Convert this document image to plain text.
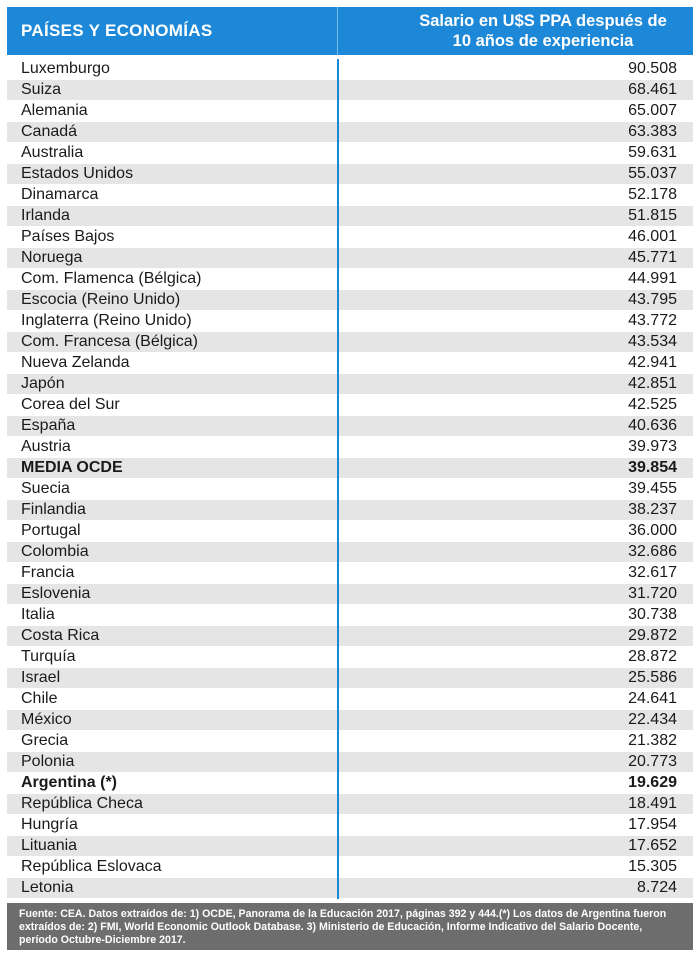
PAÍSES Y ECONOMÍAS	Salario en U$S PPA después de 10 años de experiencia
Luxemburgo	90.508
Suiza	68.461
Alemania	65.007
Canadá	63.383
Australia	59.631
Estados Unidos	55.037
Dinamarca	52.178
Irlanda	51.815
Países Bajos	46.001
Noruega	45.771
Com. Flamenca (Bélgica)	44.991
Escocia (Reino Unido)	43.795
Inglaterra (Reino Unido)	43.772
Com. Francesa (Bélgica)	43.534
Nueva Zelanda	42.941
Japón	42.851
Corea del Sur	42.525
España	40.636
Austria	39.973
MEDIA OCDE	39.854
Suecia	39.455
Finlandia	38.237
Portugal	36.000
Colombia	32.686
Francia	32.617
Eslovenia	31.720
Italia	30.738
Costa Rica	29.872
Turquía	28.872
Israel	25.586
Chile	24.641
México	22.434
Grecia	21.382
Polonia	20.773
Argentina (*)	19.629
República Checa	18.491
Hungría	17.954
Lituania	17.652
República Eslovaca	15.305
Letonia	8.724
Fuente: CEA. Datos extraídos de: 1) OCDE, Panorama de la Educación 2017, páginas 392 y 444.(*) Los datos de Argentina fueron extraídos de: 2) FMI, World Economic Outlook Database. 3) Ministerio de Educación, Informe Indicativo del Salario Docente, período Octubre-Diciembre 2017.
